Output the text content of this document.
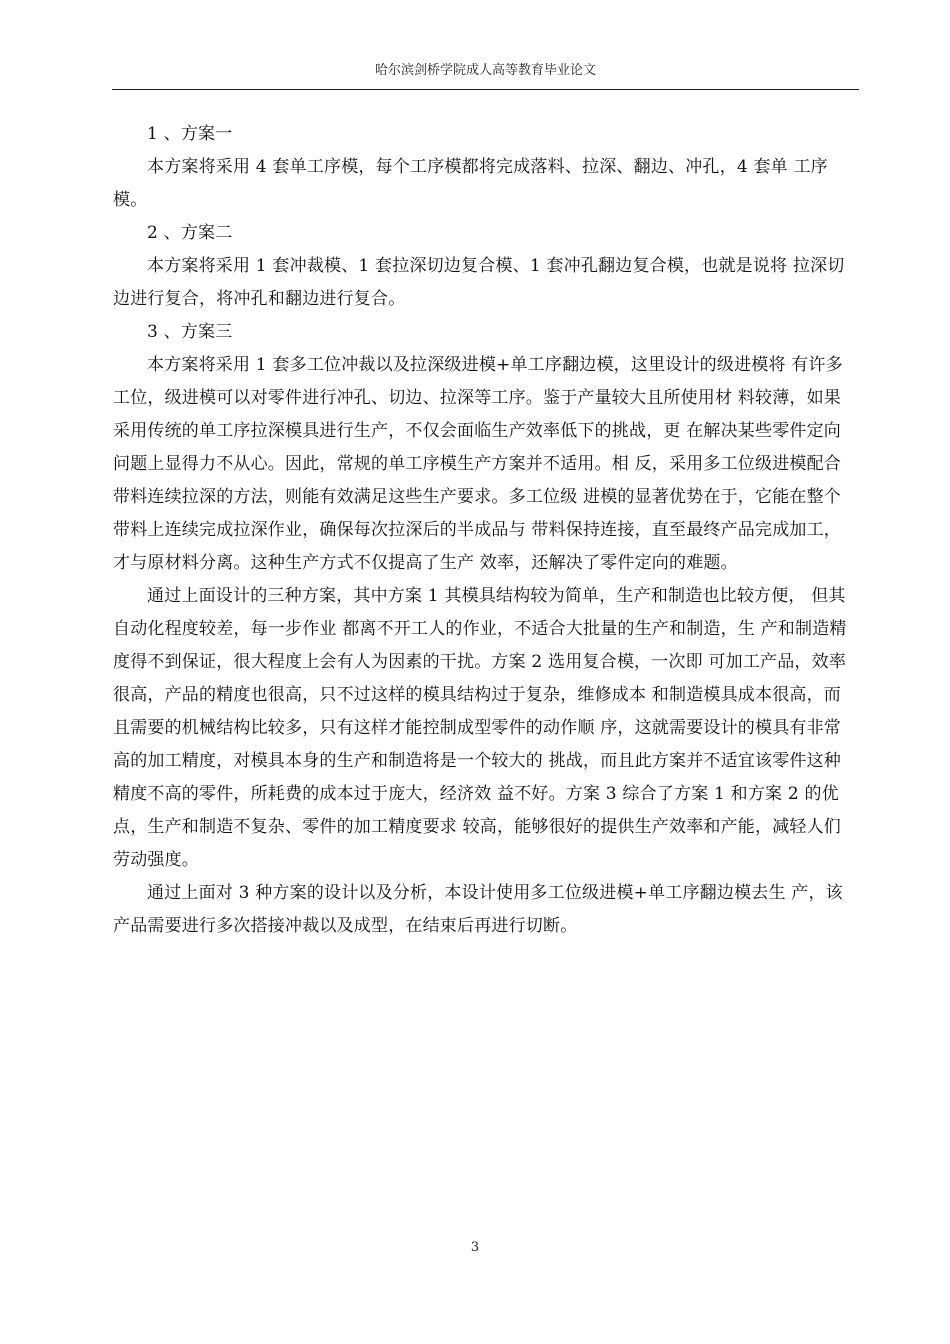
哈尔滨剑桥学院成人高等教育毕业论文

1 、方案一

本方案将采用 4 套单工序模，每个工序模都将完成落料、拉深、翻边、冲孔，4 套单 工序模。

2 、方案二

本方案将采用 1 套冲裁模、1 套拉深切边复合模、1 套冲孔翻边复合模，也就是说将 拉深切边进行复合，将冲孔和翻边进行复合。

3 、方案三

本方案将采用 1 套多工位冲裁以及拉深级进模+单工序翻边模，这里设计的级进模将 有许多工位，级进模可以对零件进行冲孔、切边、拉深等工序。鉴于产量较大且所使用材 料较薄，如果采用传统的单工序拉深模具进行生产，不仅会面临生产效率低下的挑战，更 在解决某些零件定向问题上显得力不从心。因此，常规的单工序模生产方案并不适用。相 反，采用多工位级进模配合带料连续拉深的方法，则能有效满足这些生产要求。多工位级 进模的显著优势在于，它能在整个带料上连续完成拉深作业，确保每次拉深后的半成品与 带料保持连接，直至最终产品完成加工，才与原材料分离。这种生产方式不仅提高了生产 效率，还解决了零件定向的难题。

通过上面设计的三种方案，其中方案 1 其模具结构较为简单，生产和制造也比较方便， 但其自动化程度较差，每一步作业 都离不开工人的作业，不适合大批量的生产和制造，生 产和制造精度得不到保证，很大程度上会有人为因素的干扰。方案 2 选用复合模，一次即 可加工产品，效率很高，产品的精度也很高，只不过这样的模具结构过于复杂，维修成本 和制造模具成本很高，而且需要的机械结构比较多，只有这样才能控制成型零件的动作顺 序，这就需要设计的模具有非常高的加工精度，对模具本身的生产和制造将是一个较大的 挑战，而且此方案并不适宜该零件这种精度不高的零件，所耗费的成本过于庞大，经济效 益不好。方案 3 综合了方案 1 和方案 2 的优点，生产和制造不复杂、零件的加工精度要求 较高，能够很好的提供生产效率和产能，减轻人们劳动强度。

通过上面对 3 种方案的设计以及分析，本设计使用多工位级进模+单工序翻边模去生 产，该产品需要进行多次搭接冲裁以及成型，在结束后再进行切断。

3
